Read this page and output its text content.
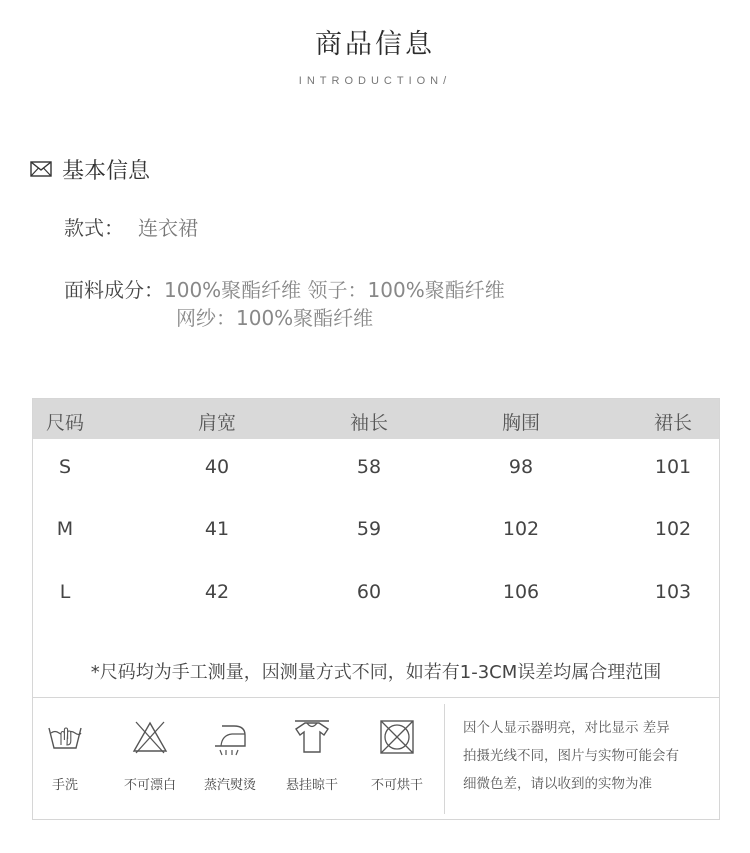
商品信息
INTRODUCTION/
基本信息
款式： 连衣裙
面料成分：100%聚酯纤维 领子：100%聚酯纤维
网纱：100%聚酯纤维
尺码	肩宽	袖长	胸围	裙长
S	40	58	98	101
M	41	59	102	102
L	42	60	106	103
*尺码均为手工测量，因测量方式不同，如若有1-3CM误差均属合理范围
手洗	不可漂白	蒸汽熨烫	悬挂晾干	不可烘干
因个人显示器明亮，对比显示 差异
拍摄光线不同，图片与实物可能会有
细微色差，请以收到的实物为准
